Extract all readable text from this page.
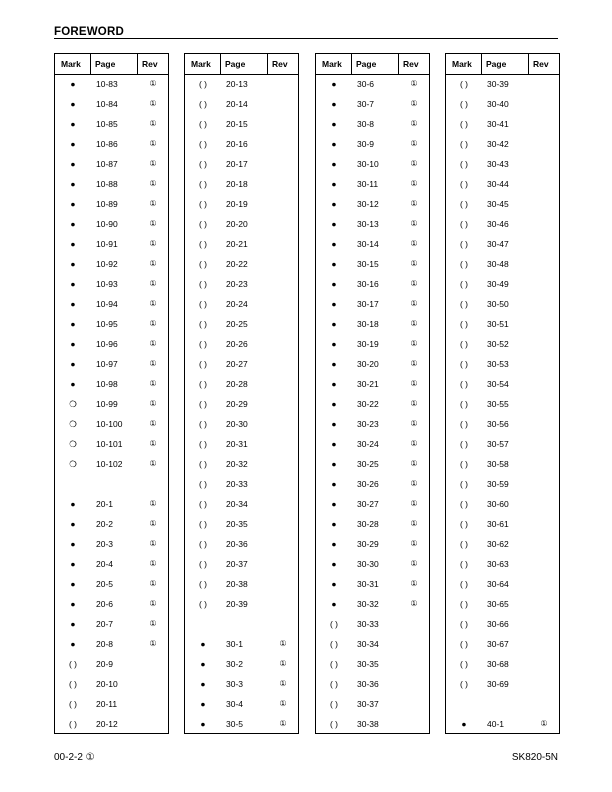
FOREWORD
Mark Page	Rev
●	10-83	①
●	10-84	①
●	10-85	①
●	10-86	①
●	10-87	①
●	10-88	①
●	10-89	①
●	10-90	①
●	10-91	①
●	10-92	①
●	10-93	①
●	10-94	①
●	10-95	①
●	10-96	①
●	10-97	①
●	10-98	①
❍	10-99	①
❍	10-100	①
❍	10-101	①
❍	10-102	①
●	20-1	①
●	20-2	①
●	20-3	①
●	20-4	①
●	20-5	①
●	20-6	①
●	20-7	①
●	20-8	①
( )	20-9
( )	20-10
( )	20-11
( )	20-12
Mark Page	Rev
( )	20-13
( )	20-14
( )	20-15
( )	20-16
( )	20-17
( )	20-18
( )	20-19
( )	20-20
( )	20-21
( )	20-22
( )	20-23
( )	20-24
( )	20-25
( )	20-26
( )	20-27
( )	20-28
( )	20-29
( )	20-30
( )	20-31
( )	20-32
( )	20-33
( )	20-34
( )	20-35
( )	20-36
( )	20-37
( )	20-38
( )	20-39
●	30-1	①
●	30-2	①
●	30-3	①
●	30-4	①
●	30-5	①
Mark Page	Rev
●	30-6	①
●	30-7	①
●	30-8	①
●	30-9	①
●	30-10	①
●	30-11	①
●	30-12	①
●	30-13	①
●	30-14	①
●	30-15	①
●	30-16	①
●	30-17	①
●	30-18	①
●	30-19	①
●	30-20	①
●	30-21	①
●	30-22	①
●	30-23	①
●	30-24	①
●	30-25	①
●	30-26	①
●	30-27	①
●	30-28	①
●	30-29	①
●	30-30	①
●	30-31	①
●	30-32	①
( )	30-33
( )	30-34
( )	30-35
( )	30-36
( )	30-37
( )	30-38
Mark Page	Rev
( )	30-39
( )	30-40
( )	30-41
( )	30-42
( )	30-43
( )	30-44
( )	30-45
( )	30-46
( )	30-47
( )	30-48
( )	30-49
( )	30-50
( )	30-51
( )	30-52
( )	30-53
( )	30-54
( )	30-55
( )	30-56
( )	30-57
( )	30-58
( )	30-59
( )	30-60
( )	30-61
( )	30-62
( )	30-63
( )	30-64
( )	30-65
( )	30-66
( )	30-67
( )	30-68
( )	30-69
●	40-1	①
00-2-2 ①	SK820-5N
